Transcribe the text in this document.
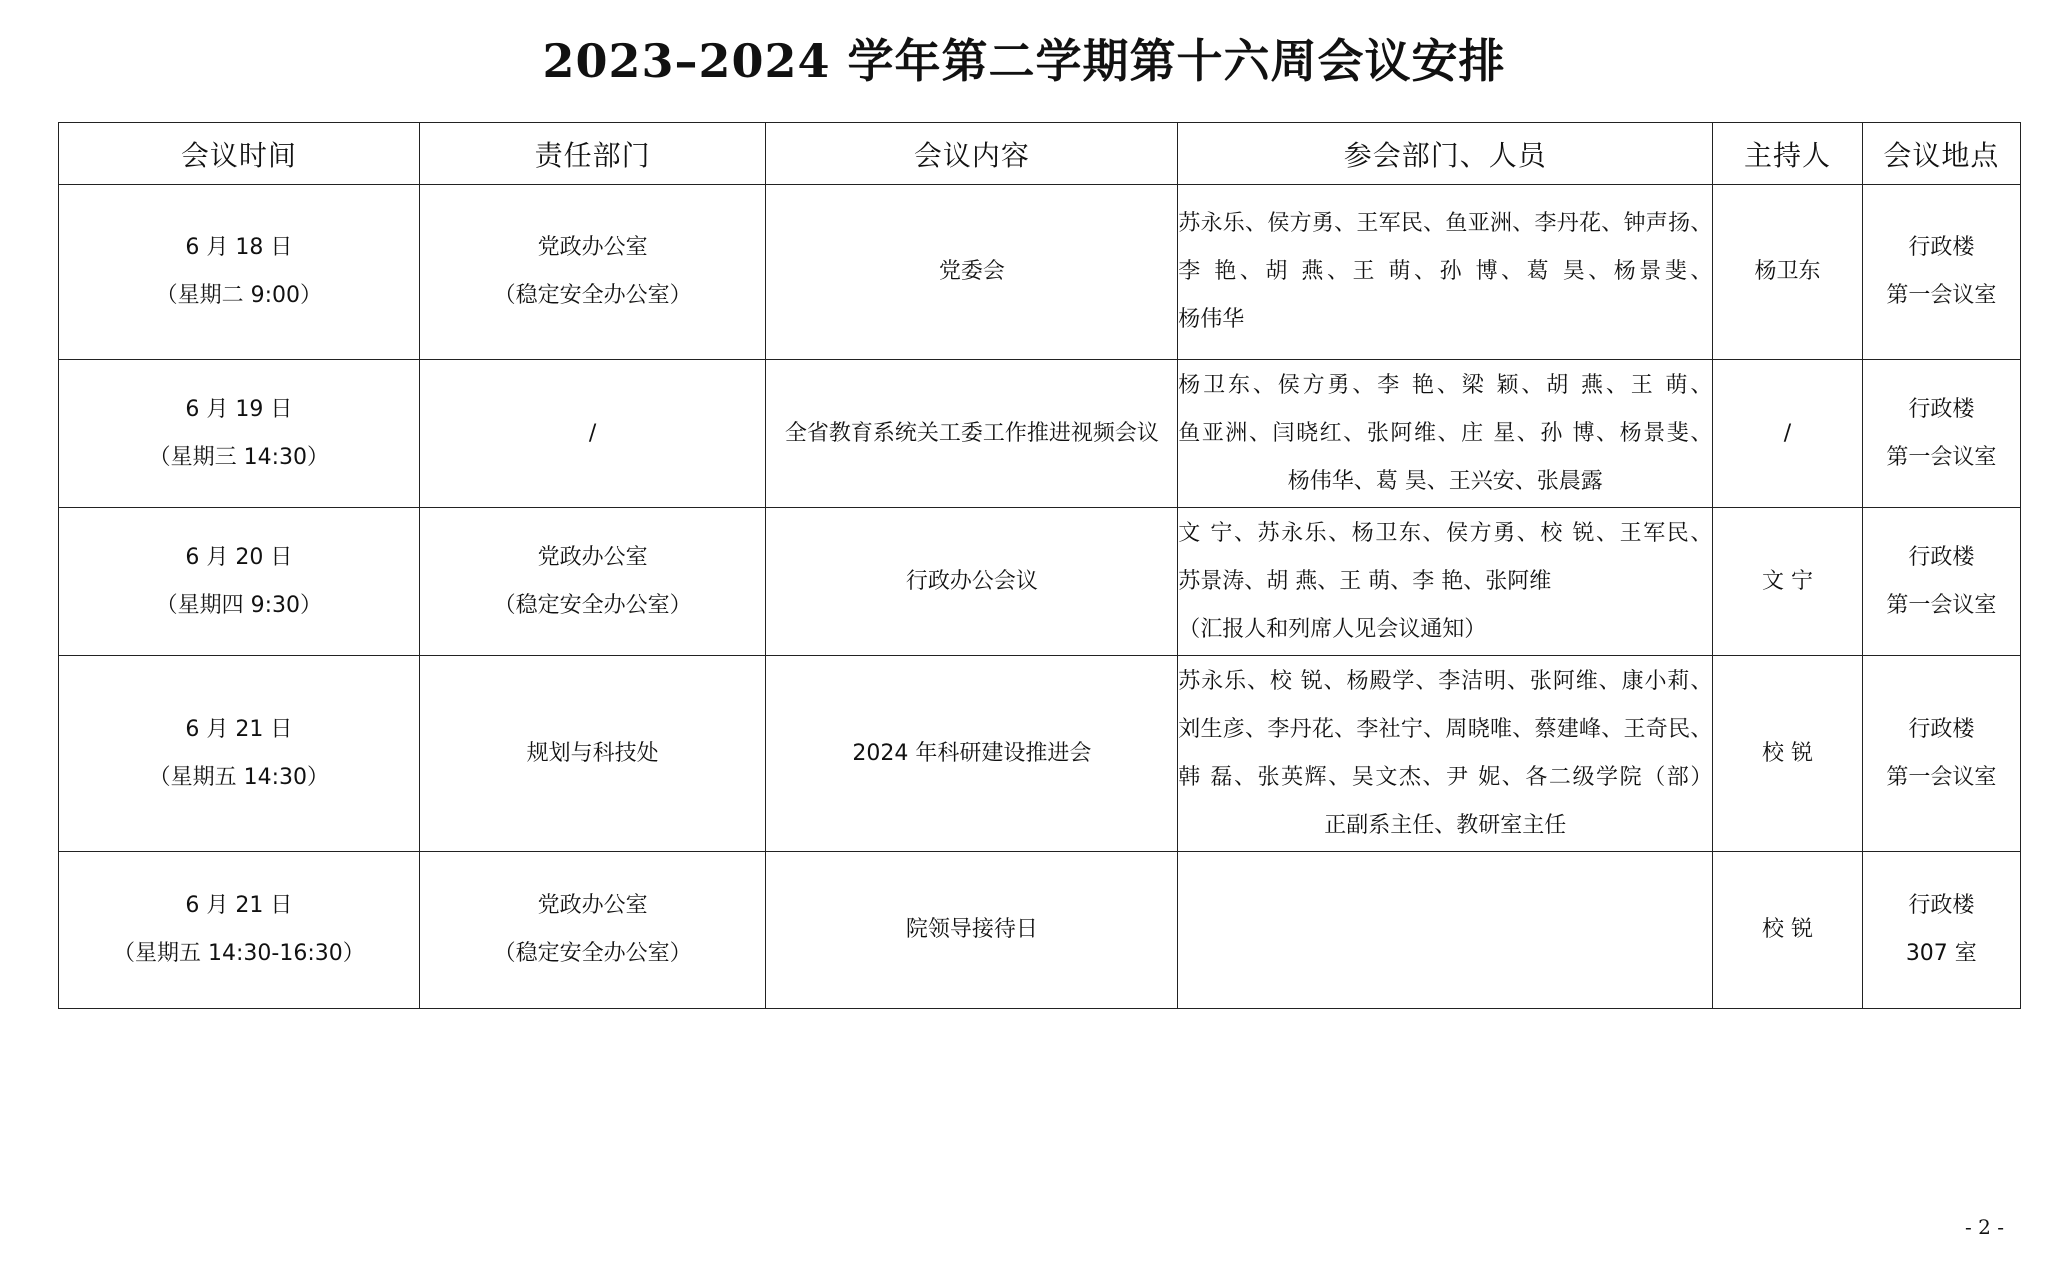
2023–2024 学年第二学期第十六周会议安排
会议时间	责任部门	会议内容	参会部门、人员	主持人	会议地点

6 月 18 日
（星期二 9:00）	党政办公室
（稳定安全办公室）	党委会	苏永乐、侯方勇、王军民、鱼亚洲、李丹花、钟声扬、
李 艳、胡 燕、王 萌、孙 博、葛 昊、杨景斐、
杨伟华	杨卫东	行政楼
第一会议室

6 月 19 日
（星期三 14:30）	/	全省教育系统关工委工作推进视频会议	杨卫东、侯方勇、李 艳、梁 颖、胡 燕、王 萌、
鱼亚洲、闫晓红、张阿维、庄 星、孙 博、杨景斐、
杨伟华、葛 昊、王兴安、张晨露	/	行政楼
第一会议室

6 月 20 日
（星期四 9:30）	党政办公室
（稳定安全办公室）	行政办公会议	文 宁、苏永乐、杨卫东、侯方勇、校 锐、王军民、
苏景涛、胡 燕、王 萌、李 艳、张阿维
（汇报人和列席人见会议通知）	文 宁	行政楼
第一会议室

6 月 21 日
（星期五 14:30）	规划与科技处	2024 年科研建设推进会	苏永乐、校 锐、杨殿学、李洁明、张阿维、康小莉、
刘生彦、李丹花、李社宁、周晓唯、蔡建峰、王奇民、
韩 磊、张英辉、吴文杰、尹 妮、各二级学院（部）
正副系主任、教研室主任	校 锐	行政楼
第一会议室

6 月 21 日
（星期五 14:30-16:30）	党政办公室
（稳定安全办公室）	院领导接待日		校 锐	行政楼
307 室
- 2 -
